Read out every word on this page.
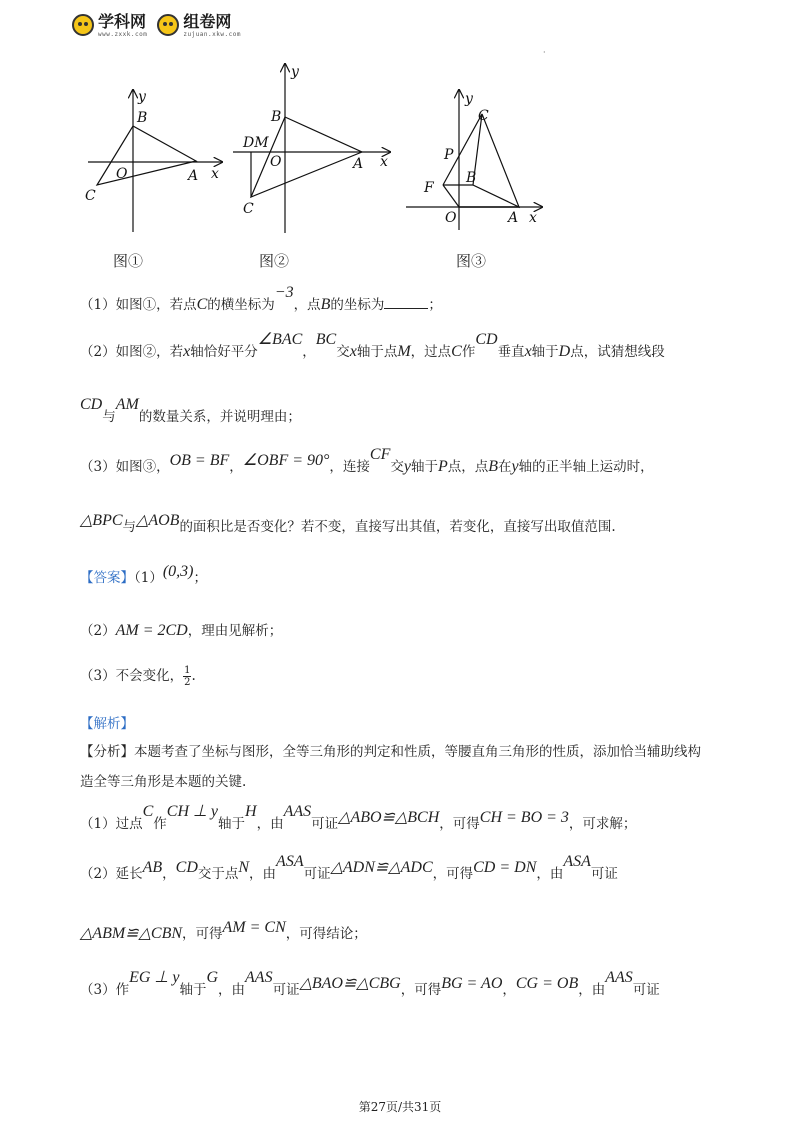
学科网
www.zxxk.com
组卷网
zujuan.xkw.com
·
y
B
O	A x
C
图①
y
B
DM
O	A x
C
图②
y
C
P
F
B
O	A x
图③
（1）如图①，若点C的横坐标为−3，点B的坐标为	；
（2）如图②，若x轴恰好平分∠BAC，BC交x轴于点M，过点C作CD垂直x轴于D点，试猜想线段
CD与AM的数量关系，并说明理由；
（3）如图③，OB = BF，∠OBF = 90°，连接CF交y轴于P点，点B在y轴的正半轴上运动时，
△BPC与△AOB的面积比是否变化？若不变，直接写出其值，若变化，直接写出取值范围.
【答案】（1）(0,3)；
（2）AM = 2CD，理由见解析；
（3）不会变化，$\frac{1}{2}$ .
【解析】
【分析】本题考查了坐标与图形，全等三角形的判定和性质，等腰直角三角形的性质，添加恰当辅助线构
造全等三角形是本题的关键.
（1）过点C作CH ⊥ y轴于H，由AAS可证△ABO≌△BCH，可得CH = BO = 3，可求解；
（2）延长AB，CD交于点N，由ASA可证△ADN≌△ADC，可得CD = DN，由ASA可证
△ABM≌△CBN，可得AM = CN，可得结论；
（3）作EG ⊥ y轴于G，由AAS可证△BAO≌△CBG，可得BG = AO，CG = OB，由AAS可证
第27页/共31页
